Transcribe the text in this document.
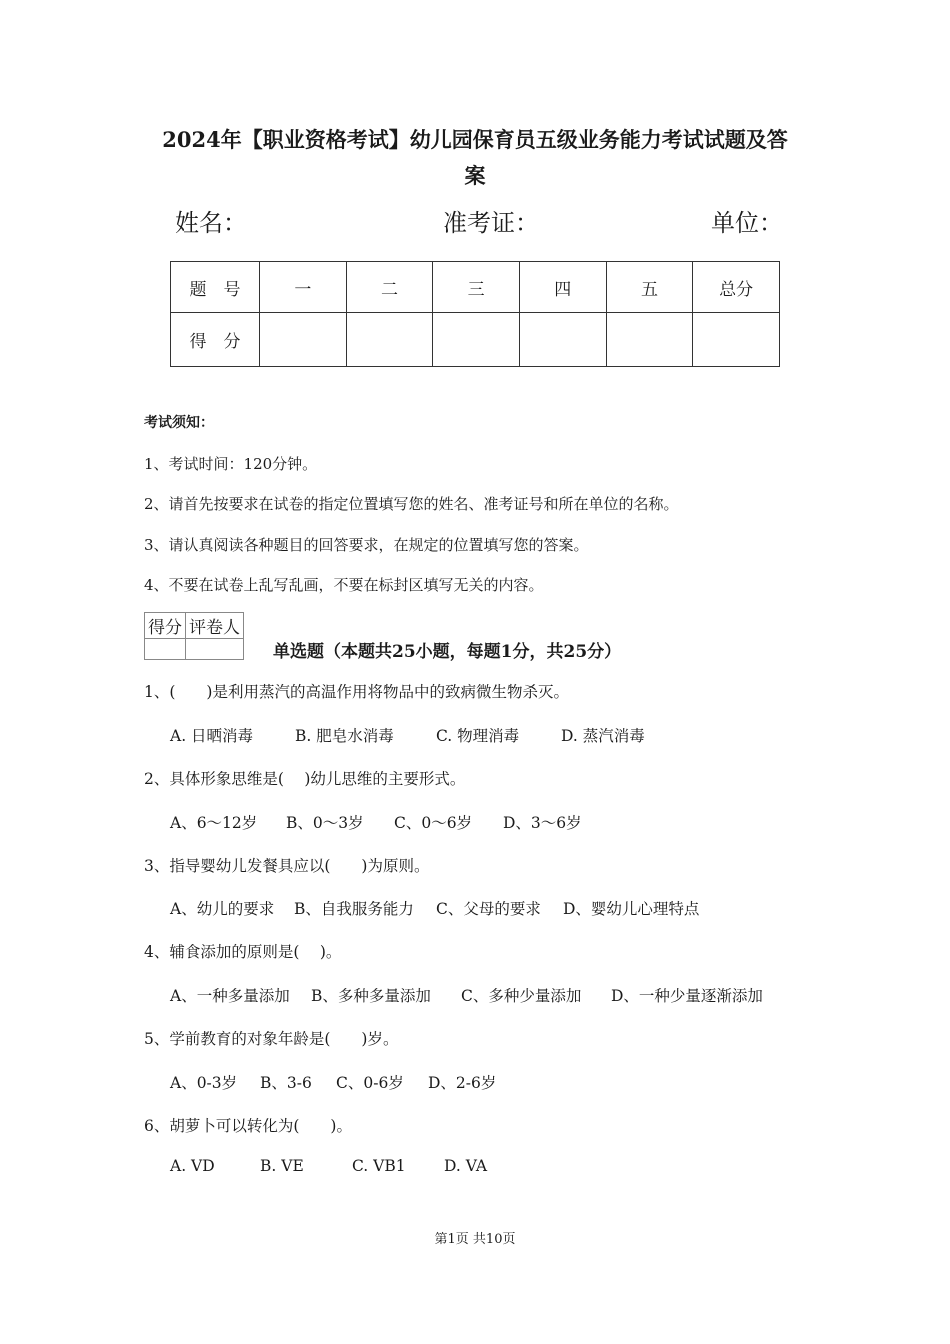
2024年【职业资格考试】幼儿园保育员五级业务能力考试试题及答
案
姓名：	准考证：	单位：
题　号	一	二	三	四	五	总分
得　分						
考试须知：
1、考试时间：120分钟。
2、请首先按要求在试卷的指定位置填写您的姓名、准考证号和所在单位的名称。
3、请认真阅读各种题目的回答要求，在规定的位置填写您的答案。
4、不要在试卷上乱写乱画，不要在标封区填写无关的内容。
得分	评卷人

单选题（本题共25小题，每题1分，共25分）
1、(　　)是利用蒸汽的高温作用将物品中的致病微生物杀灭。
A. 日晒消毒	B. 肥皂水消毒	C. 物理消毒	D. 蒸汽消毒
2、具体形象思维是(　 )幼儿思维的主要形式。
A、6～12岁 B、0～3岁 C、0～6岁 D、3～6岁
3、指导婴幼儿发餐具应以(　　)为原则。
A、幼儿的要求 B、自我服务能力 C、父母的要求 D、婴幼儿心理特点
4、辅食添加的原则是(　 )。
A、一种多量添加 B、多种多量添加 C、多种少量添加 D、一种少量逐渐添加
5、学前教育的对象年龄是(　　)岁。
A、0-3岁 B、3-6 C、0-6岁 D、2-6岁
6、胡萝卜可以转化为(　　)。
A. VD	B. VE	C. VB1 D. VA
第1页 共10页
